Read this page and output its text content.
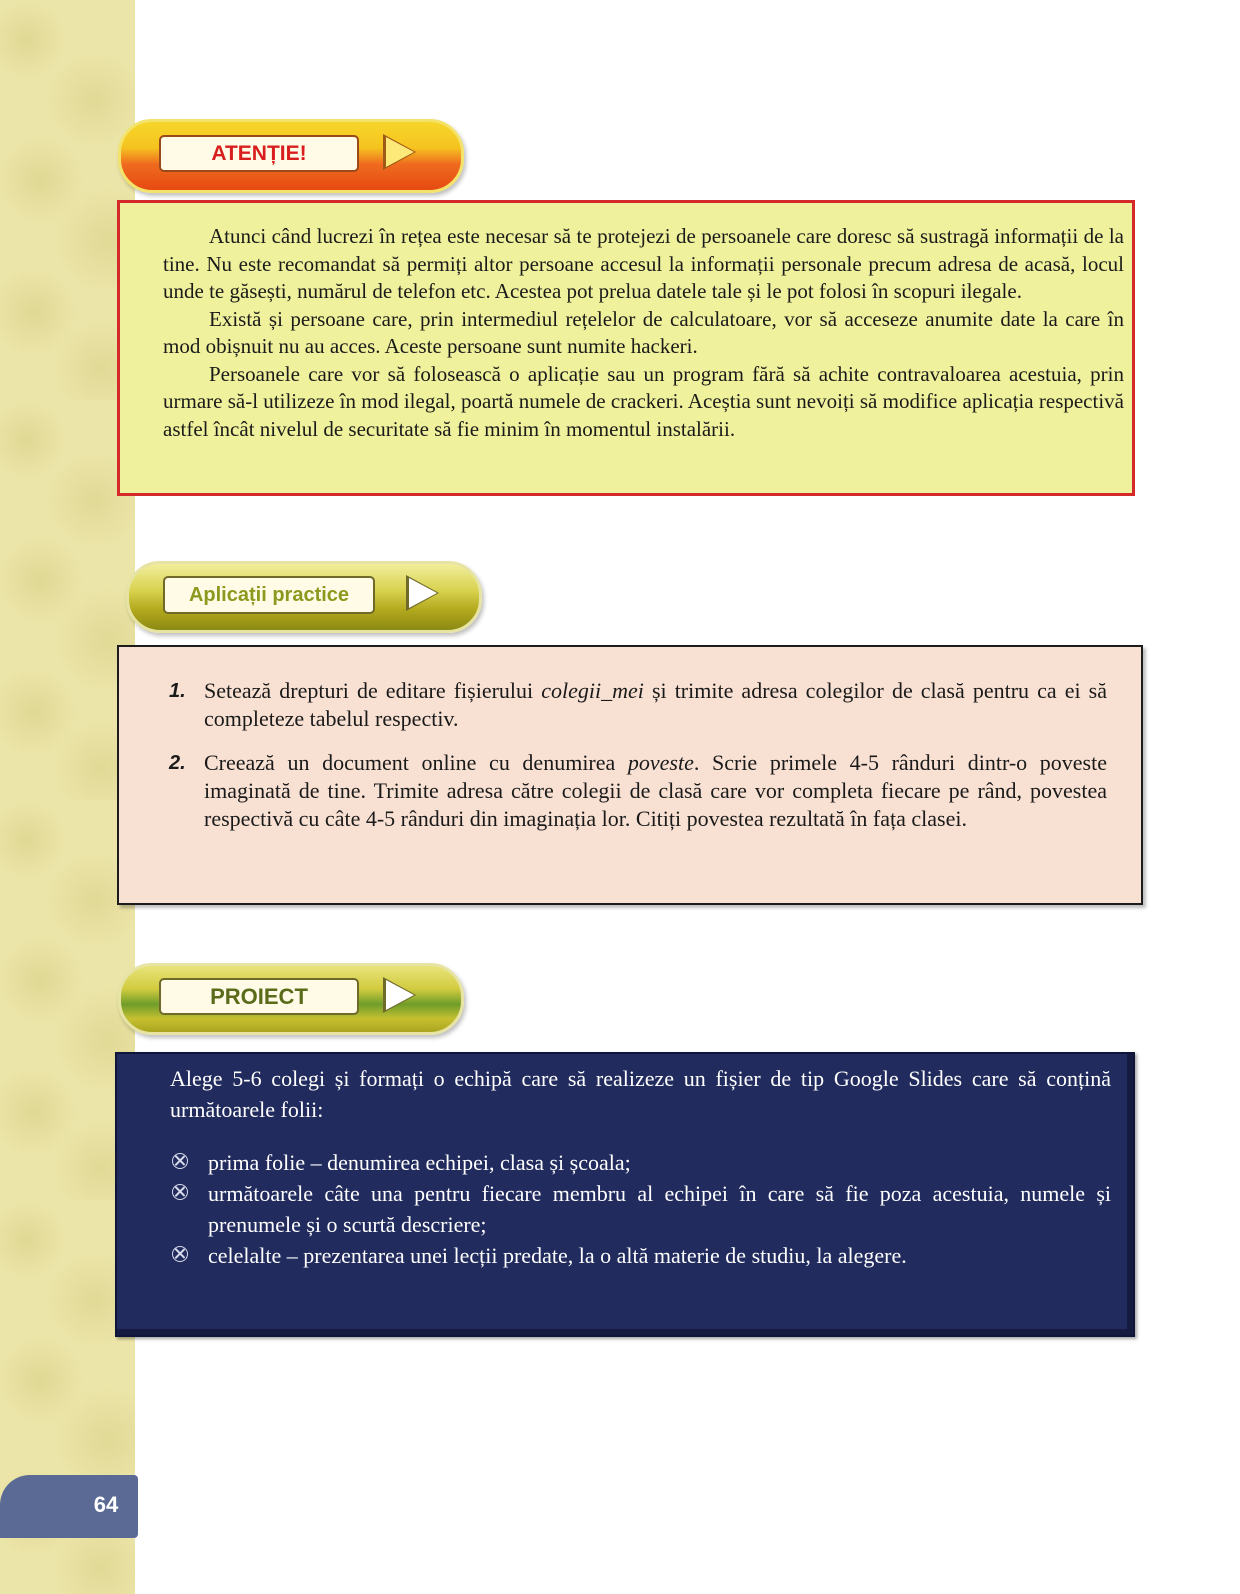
ATENȚIE!

Atunci când lucrezi în rețea este necesar să te protejezi de persoanele care doresc să sustragă informații de la tine. Nu este recomandat să permiți altor persoane accesul la informații personale precum adresa de acasă, locul unde te găsești, numărul de telefon etc. Acestea pot prelua datele tale și le pot folosi în scopuri ilegale.

Există și persoane care, prin intermediul rețelelor de calculatoare, vor să acceseze anumite date la care în mod obișnuit nu au acces. Aceste persoane sunt numite hackeri.

Persoanele care vor să folosească o aplicație sau un program fără să achite contravaloarea acestuia, prin urmare să-l utilizeze în mod ilegal, poartă numele de crackeri. Aceștia sunt nevoiți să modifice aplicația respectivă astfel încât nivelul de securitate să fie minim în momentul instalării.

Aplicații practice
1. Setează drepturi de editare fișierului colegii_mei și trimite adresa colegilor de clasă pentru ca ei să completeze tabelul respectiv.
2. Creează un document online cu denumirea poveste. Scrie primele 4-5 rânduri dintr-o poveste imaginată de tine. Trimite adresa către colegii de clasă care vor completa fiecare pe rând, povestea respectivă cu câte 4-5 rânduri din imaginația lor. Citiți povestea rezultată în fața clasei.
PROIECT

Alege 5-6 colegi și formați o echipă care să realizeze un fișier de tip Google Slides care să conțină următoarele folii:

prima folie – denumirea echipei, clasa și școala;
următoarele câte una pentru fiecare membru al echipei în care să fie poza acestuia, numele și prenumele și o scurtă descriere;
celelalte – prezentarea unei lecții predate, la o altă materie de studiu, la alegere.
64
